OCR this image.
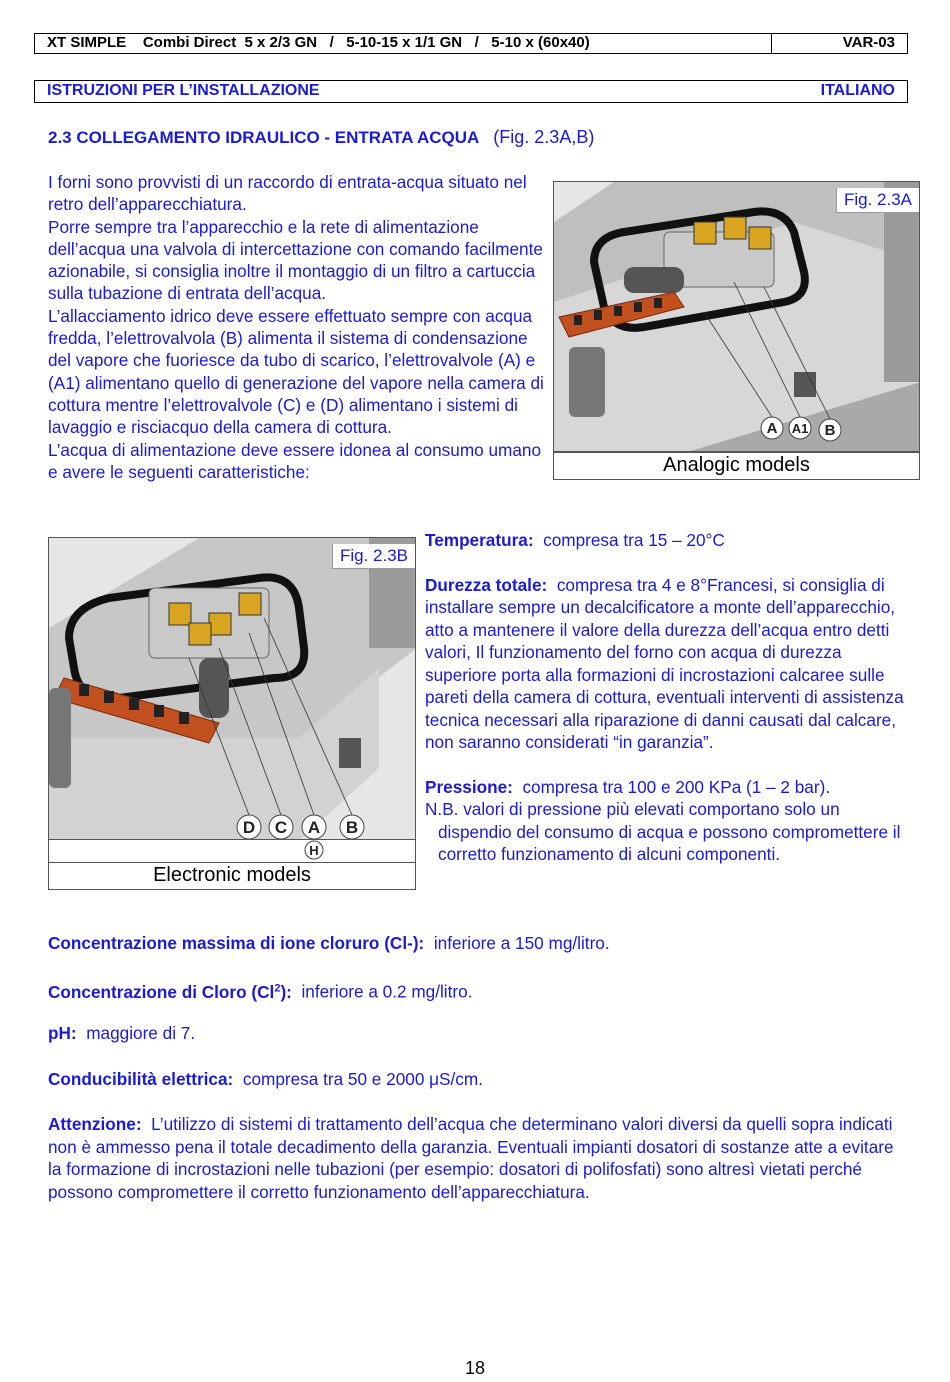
XT SIMPLE    Combi Direct  5 x 2/3 GN   /   5-10-15 x 1/1 GN   /   5-10 x (60x40)	VAR-03
ISTRUZIONI PER L’INSTALLAZIONE	ITALIANO
2.3 COLLEGAMENTO IDRAULICO - ENTRATA ACQUA (Fig. 2.3A,B)

I forni sono provvisti di un raccordo di entrata-acqua situato nel retro dell’apparecchiatura.

Porre sempre tra l’apparecchio e la rete di alimentazione dell’acqua una valvola di intercettazione con comando facilmente azionabile, si consiglia inoltre il montaggio di un filtro a cartuccia sulla tubazione di entrata dell’acqua.

L’allacciamento idrico deve essere effettuato sempre con acqua fredda, l’elettrovalvola (B) alimenta il sistema di condensazione del vapore che fuoriesce da tubo di scarico, l’elettrovalvole (A) e (A1) alimentano quello di generazione del vapore nella camera di cottura mentre l’elettrovalvole (C) e (D) alimentano i sistemi di lavaggio e risciacquo della camera di cottura.

L’acqua di alimentazione deve essere idonea al consumo umano e avere le seguenti caratteristiche:

A A1 B
Fig. 2.3A
Analogic models
D C A B
Fig. 2.3B
H
Electronic models

Temperatura: compresa tra 15 – 20°C

Durezza totale: compresa tra 4 e 8°Francesi, si consiglia di installare sempre un decalcificatore a monte dell’apparecchio, atto a mantenere il valore della durezza dell’acqua entro detti valori, Il funzionamento del forno con acqua di durezza superiore porta alla formazioni di incrostazioni calcaree sulle pareti della camera di cottura, eventuali interventi di assistenza tecnica necessari alla riparazione di danni causati dal calcare, non saranno considerati “in garanzia”.

Pressione: compresa tra 100 e 200 KPa (1 – 2 bar).

N.B. valori di pressione più elevati comportano solo un

dispendio del consumo di acqua e possono compromettere il corretto funzionamento di alcuni componenti.

Concentrazione massima di ione cloruro (Cl-): inferiore a 150 mg/litro.

Concentrazione di Cloro (Cl$^2$): inferiore a 0.2 mg/litro.

pH: maggiore di 7.

Conducibilità elettrica: compresa tra 50 e 2000 μS/cm.

Attenzione: L’utilizzo di sistemi di trattamento dell’acqua che determinano valori diversi da quelli sopra indicati non è ammesso pena il totale decadimento della garanzia. Eventuali impianti dosatori di sostanze atte a evitare la formazione di incrostazioni nelle tubazioni (per esempio: dosatori di polifosfati) sono altresì vietati perché possono compromettere il corretto funzionamento dell’apparecchiatura.

18
